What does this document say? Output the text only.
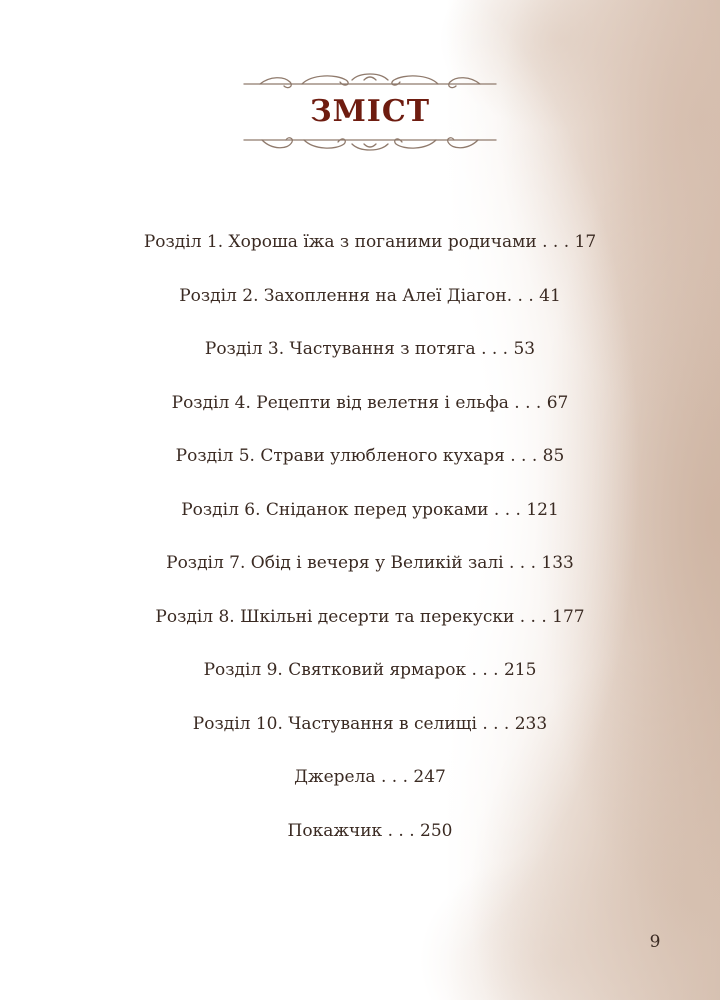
ЗМІСТ
Розділ 1. Хороша їжа з поганими родичами . . . 17
Розділ 2. Захоплення на Алеї Діагон. . . 41
Розділ 3. Частування з потяга . . . 53
Розділ 4. Рецепти від велетня і ельфа . . . 67
Розділ 5. Страви улюбленого кухаря . . . 85
Розділ 6. Сніданок перед уроками . . . 121
Розділ 7. Обід і вечеря у Великій залі . . . 133
Розділ 8. Шкільні десерти та перекуски . . . 177
Розділ 9. Святковий ярмарок . . . 215
Розділ 10. Частування в селищі . . . 233
Джерела . . . 247
Покажчик . . . 250
9
